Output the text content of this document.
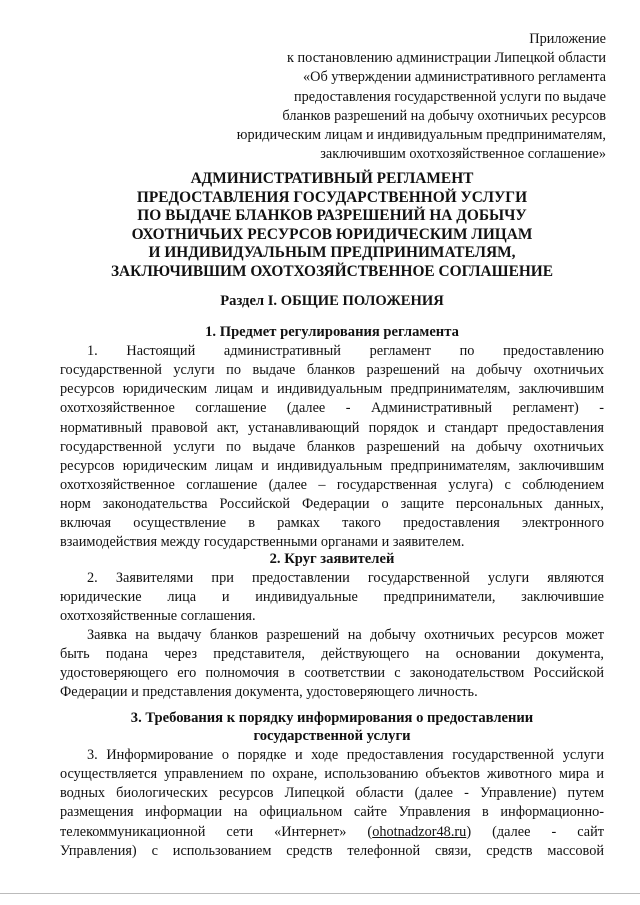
Приложение
к постановлению администрации Липецкой области
«Об утверждении административного регламента
предоставления государственной услуги по выдаче
бланков разрешений на добычу охотничьих ресурсов
юридическим лицам и индивидуальным предпринимателям,
заключившим охотхозяйственное соглашение»
АДМИНИСТРАТИВНЫЙ РЕГЛАМЕНТ
ПРЕДОСТАВЛЕНИЯ ГОСУДАРСТВЕННОЙ УСЛУГИ
ПО ВЫДАЧЕ БЛАНКОВ РАЗРЕШЕНИЙ НА ДОБЫЧУ
ОХОТНИЧЬИХ РЕСУРСОВ ЮРИДИЧЕСКИМ ЛИЦАМ
И ИНДИВИДУАЛЬНЫМ ПРЕДПРИНИМАТЕЛЯМ,
ЗАКЛЮЧИВШИМ ОХОТХОЗЯЙСТВЕННОЕ СОГЛАШЕНИЕ
Раздел I. ОБЩИЕ ПОЛОЖЕНИЯ
1. Предмет регулирования регламента
1. Настоящий административный регламент по предоставлению
государственной услуги по выдаче бланков разрешений на добычу охотничьих
ресурсов юридическим лицам и индивидуальным предпринимателям, заключившим
охотхозяйственное соглашение (далее - Административный регламент) -
нормативный правовой акт, устанавливающий порядок и стандарт предоставления
государственной услуги по выдаче бланков разрешений на добычу охотничьих
ресурсов юридическим лицам и индивидуальным предпринимателям, заключившим
охотхозяйственное соглашение (далее – государственная услуга) с соблюдением
норм законодательства Российской Федерации о защите персональных данных,
включая осуществление в рамках такого предоставления электронного
взаимодействия между государственными органами и заявителем.
2. Круг заявителей
2. Заявителями при предоставлении государственной услуги являются
юридические лица и индивидуальные предприниматели, заключившие
охотхозяйственные соглашения.
Заявка на выдачу бланков разрешений на добычу охотничьих ресурсов может
быть подана через представителя, действующего на основании документа,
удостоверяющего его полномочия в соответствии с законодательством Российской
Федерации и представления документа, удостоверяющего личность.
3. Требования к порядку информирования о предоставлении
государственной услуги
3. Информирование о порядке и ходе предоставления государственной услуги
осуществляется управлением по охране, использованию объектов животного мира и
водных биологических ресурсов Липецкой области (далее - Управление) путем
размещения информации на официальном сайте Управления в информационно-
телекоммуникационной сети «Интернет» (ohotnadzor48.ru) (далее - сайт
Управления) с использованием средств телефонной связи, средств массовой
